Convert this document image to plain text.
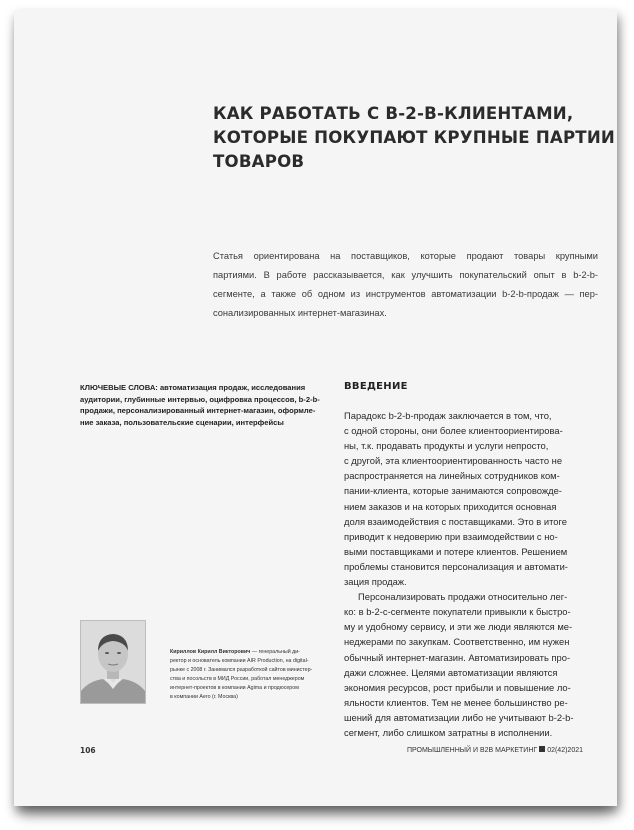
КАК РАБОТАТЬ С B-2-B-КЛИЕНТАМИ,
КОТОРЫЕ ПОКУПАЮТ КРУПНЫЕ ПАРТИИ
ТОВАРОВ
Статья ориентирована на поставщиков, которые продают товары крупными
партиями. В работе рассказывается, как улучшить покупательский опыт в b-2-b-
сегменте, а также об одном из инструментов автоматизации b-2-b-продаж — пер-
сонализированных интернет-магазинах.
КЛЮЧЕВЫЕ СЛОВА: автоматизация продаж, исследования
аудитории, глубинные интервью, оцифровка процессов, b-2-b-
продажи, персонализированный интернет-магазин, оформле-
ние заказа, пользовательские сценарии, интерфейсы
ВВЕДЕНИЕ
Парадокс b-2-b-продаж заключается в том, что,
с одной стороны, они более клиентоориентирова-
ны, т.к. продавать продукты и услуги непросто,
с другой, эта клиентоориентированность часто не
распространяется на линейных сотрудников ком-
пании-клиента, которые занимаются сопровожде-
нием заказов и на которых приходится основная
доля взаимодействия с поставщиками. Это в итоге
приводит к недоверию при взаимодействии с но-
выми поставщиками и потере клиентов. Решением
проблемы становится персонализация и автомати-
зация продаж.
Персонализировать продажи относительно лег-
ко: в b-2-c-сегменте покупатели привыкли к быстро-
му и удобному сервису, и эти же люди являются ме-
неджерами по закупкам. Соответственно, им нужен
обычный интернет-магазин. Автоматизировать про-
дажи сложнее. Целями автоматизации являются
экономия ресурсов, рост прибыли и повышение ло-
яльности клиентов. Тем не менее большинство ре-
шений для автоматизации либо не учитывают b-2-b-
сегмент, либо слишком затратны в исполнении.
Кириллов Кирилл Викторович — генеральный ди-
ректор и основатель компании AIR Production, на digital-
рынке с 2008 г. Занимался разработкой сайтов министер-
ства и посольств в МИД России, работал менеджером
интернет-проектов в компании Agima и продюсером
в компании Aero (г. Москва)
106	ПРОМЫШЛЕННЫЙ И B2B МАРКЕТИНГ 02(42)2021
